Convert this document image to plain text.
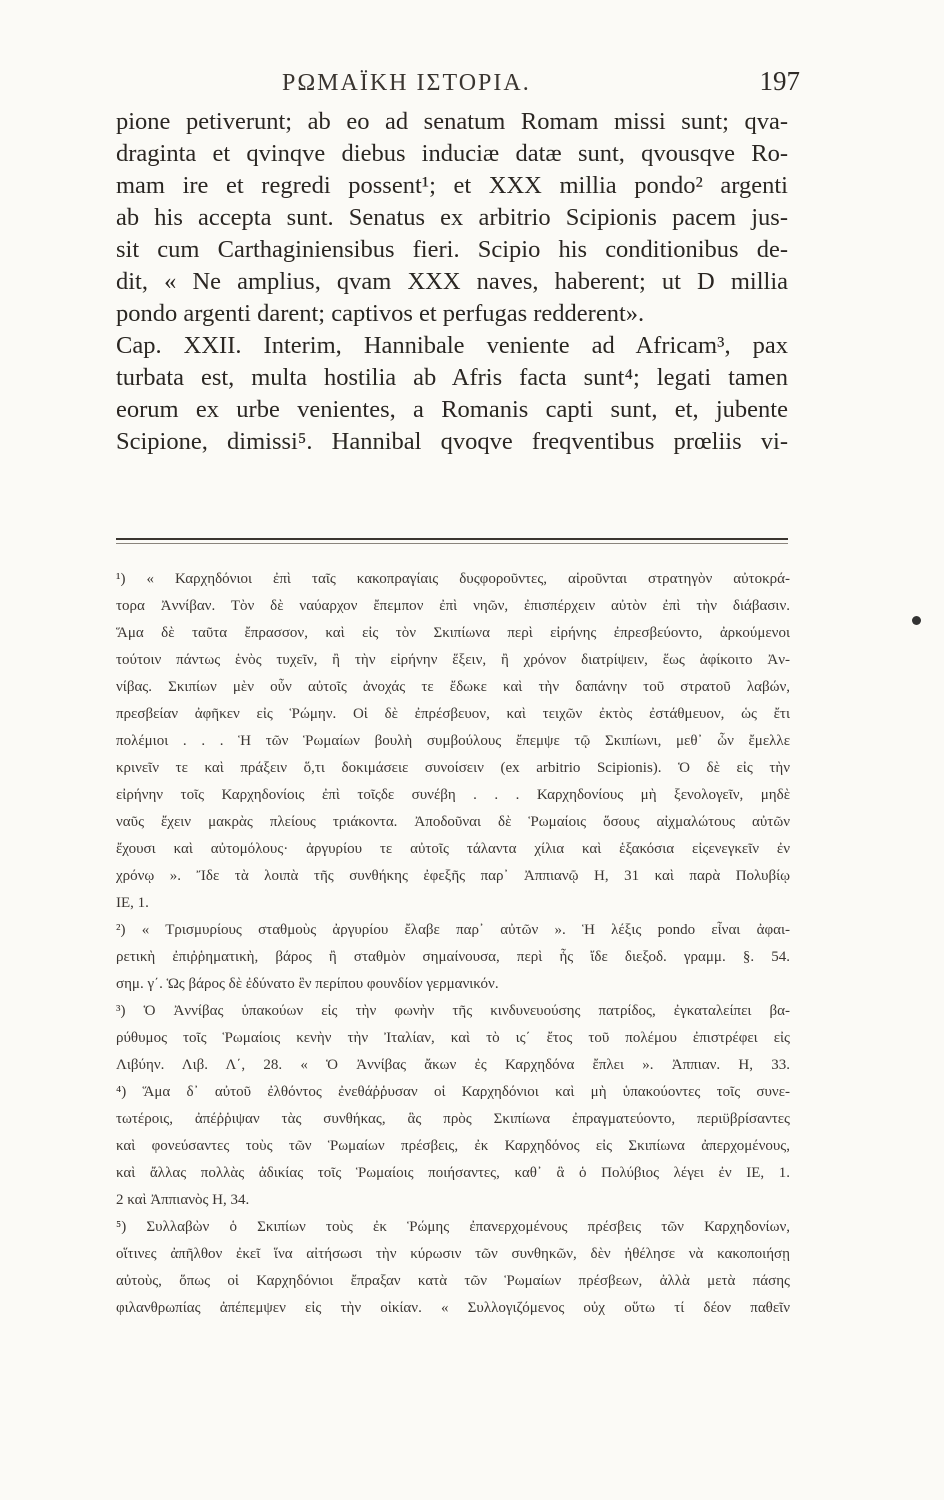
ΡΩΜΑΪΚΗ ΙΣΤΟΡΙΑ.	197
pione petiverunt; ab eo ad senatum Romam missi sunt; qva-
draginta et qvinqve diebus induciæ datæ sunt, qvousqve Ro-
mam ire et regredi possent¹; et XXX millia pondo² argenti
ab his accepta sunt. Senatus ex arbitrio Scipionis pacem jus-
sit cum Carthaginiensibus fieri. Scipio his conditionibus de-
dit, « Ne amplius, qvam XXX naves, haberent; ut D millia
pondo argenti darent; captivos et perfugas redderent».
Cap. XXII. Interim, Hannibale veniente ad Africam³, pax
turbata est, multa hostilia ab Afris facta sunt⁴; legati tamen
eorum ex urbe venientes, a Romanis capti sunt, et, jubente
Scipione, dimissi⁵. Hannibal qvoqve freqventibus prœliis vi-
¹) « Καρχηδόνιοι ἐπὶ ταῖς κακοπραγίαις δυςφοροῦντες, αἱροῦνται στρατηγὸν αὐτοκρά-
τορα Ἀννίβαν. Τὸν δὲ ναύαρχον ἔπεμπον ἐπὶ νηῶν, ἐπισπέρχειν αὐτὸν ἐπὶ τὴν διάβασιν.
Ἅμα δὲ ταῦτα ἔπρασσον, καὶ εἰς τὸν Σκιπίωνα περὶ εἰρήνης ἐπρεσβεύοντο, ἀρκούμενοι
τούτοιν πάντως ἑνὸς τυχεῖν, ἢ τὴν εἰρήνην ἕξειν, ἢ χρόνον διατρίψειν, ἕως ἀφίκοιτο Ἀν-
νίβας. Σκιπίων μὲν οὖν αὐτοῖς ἀνοχάς τε ἔδωκε καὶ τὴν δαπάνην τοῦ στρατοῦ λαβών,
πρεσβείαν ἀφῆκεν εἰς Ῥώμην. Οἱ δὲ ἐπρέσβευον, καὶ τειχῶν ἐκτὸς ἐστάθμευον, ὡς ἔτι
πολέμιοι . . . Ἡ τῶν Ῥωμαίων βουλὴ συμβούλους ἔπεμψε τῷ Σκιπίωνι, μεθ᾽ ὧν ἔμελλε
κρινεῖν τε καὶ πράξειν ὅ,τι δοκιμάσειε συνοίσειν (ex arbitrio Scipionis). Ὁ δὲ εἰς τὴν
εἰρήνην τοῖς Καρχηδονίοις ἐπὶ τοῖςδε συνέβη . . . Καρχηδονίους μὴ ξενολογεῖν, μηδὲ
ναῦς ἔχειν μακρὰς πλείους τριάκοντα. Ἀποδοῦναι δὲ Ῥωμαίοις ὅσους αἰχμαλώτους αὐτῶν
ἔχουσι καὶ αὐτομόλους· ἀργυρίου τε αὐτοῖς τάλαντα χίλια καὶ ἑξακόσια εἰςενεγκεῖν ἐν
χρόνῳ ». Ἴδε τὰ λοιπὰ τῆς συνθήκης ἐφεξῆς παρ᾽ Ἀππιανῷ Η, 31 καὶ παρὰ Πολυβίῳ
ΙΕ, 1.
²) « Τρισμυρίους σταθμοὺς ἀργυρίου ἔλαβε παρ᾽ αὐτῶν ». Ἡ λέξις pondo εἶναι ἀφαι-
ρετικὴ ἐπιῤῥηματικὴ, βάρος ἢ σταθμὸν σημαίνουσα, περὶ ἧς ἴδε διεξοδ. γραμμ. §. 54.
σημ. γ΄. Ὡς βάρος δὲ ἐδύνατο ἓν περίπου φουνδίον γερμανικόν.
³) Ὁ Ἀννίβας ὑπακούων εἰς τὴν φωνὴν τῆς κινδυνευούσης πατρίδος, ἐγκαταλείπει βα-
ρύθυμος τοῖς Ῥωμαίοις κενὴν τὴν Ἰταλίαν, καὶ τὸ ις΄ ἔτος τοῦ πολέμου ἐπιστρέφει εἰς
Λιβύην. Λιβ. Λ΄, 28. « Ὁ Ἀννίβας ἄκων ἐς Καρχηδόνα ἔπλει ». Ἀππιαν. Η, 33.
⁴) Ἅμα δ᾽ αὐτοῦ ἐλθόντος ἐνεθάῤῥυσαν οἱ Καρχηδόνιοι καὶ μὴ ὑπακούοντες τοῖς συνε-
τωτέροις, ἀπέῤῥιψαν τὰς συνθήκας, ἃς πρὸς Σκιπίωνα ἐπραγματεύοντο, περιϋβρίσαντες
καὶ φονεύσαντες τοὺς τῶν Ῥωμαίων πρέσβεις, ἐκ Καρχηδόνος εἰς Σκιπίωνα ἀπερχομένους,
καὶ ἄλλας πολλὰς ἀδικίας τοῖς Ῥωμαίοις ποιήσαντες, καθ᾽ ἃ ὁ Πολύβιος λέγει ἐν ΙΕ, 1.
2 καὶ Ἀππιανὸς Η, 34.
⁵) Συλλαβὼν ὁ Σκιπίων τοὺς ἐκ Ῥώμης ἐπανερχομένους πρέσβεις τῶν Καρχηδονίων,
οἵτινες ἀπῆλθον ἐκεῖ ἵνα αἰτήσωσι τὴν κύρωσιν τῶν συνθηκῶν, δὲν ἠθέλησε νὰ κακοποιήσῃ
αὐτοὺς, ὅπως οἱ Καρχηδόνιοι ἔπραξαν κατὰ τῶν Ῥωμαίων πρέσβεων, ἀλλὰ μετὰ πάσης
φιλανθρωπίας ἀπέπεμψεν εἰς τὴν οἰκίαν. « Συλλογιζόμενος οὐχ οὕτω τί δέον παθεῖν
